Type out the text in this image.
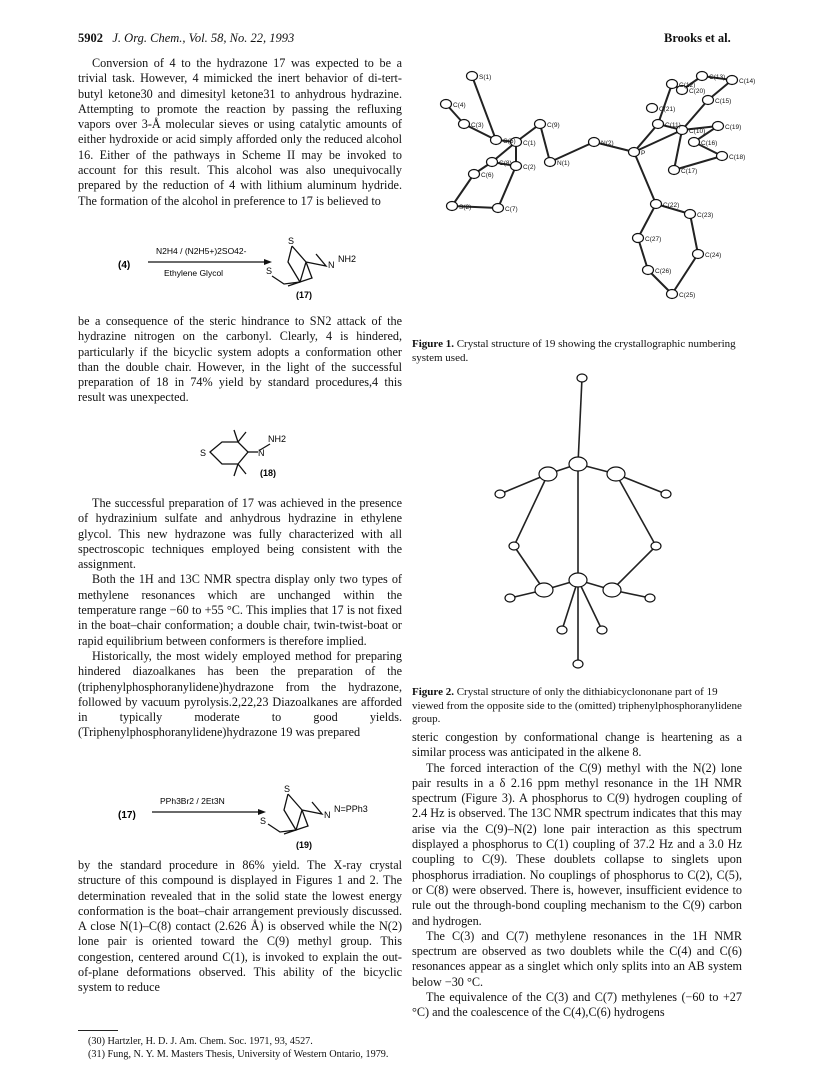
5902 J. Org. Chem., Vol. 58, No. 22, 1993	Brooks et al.

Conversion of 4 to the hydrazone 17 was expected to be a trivial task. However, 4 mimicked the inert behavior of di-tert-butyl ketone30 and dimesityl ketone31 to anhydrous hydrazine. Attempting to promote the reaction by passing the refluxing vapors over 3-Å molecular sieves or using catalytic amounts of either hydroxide or acid simply afforded only the reduced alcohol 16. Either of the pathways in Scheme II may be invoked to account for this result. This alcohol was also unequivocally prepared by the reduction of 4 with lithium aluminum hydride. The formation of the alcohol in preference to 17 is believed to

(4)
N2H4 / (N2H5+)2SO42-
Ethylene Glycol
S
S
N
NH2
(17)

be a consequence of the steric hindrance to SN2 attack of the hydrazine nitrogen on the carbonyl. Clearly, 4 is hindered, particularly if the bicyclic system adopts a conformation other than the double chair. However, in the light of the successful preparation of 18 in 74% yield by standard procedures,4 this result was unexpected.

S	N
NH2
(18)

The successful preparation of 17 was achieved in the presence of hydrazinium sulfate and anhydrous hydrazine in ethylene glycol. This new hydrazone was fully characterized with all spectroscopic techniques employed being consistent with the assignment.

Both the 1H and 13C NMR spectra display only two types of methylene resonances which are unchanged within the temperature range −60 to +55 °C. This implies that 17 is not fixed in the boat–chair conformation; a double chair, twin-twist-boat or rapid equilibrium between conformers is therefore implied.

Historically, the most widely employed method for preparing hindered diazoalkanes has been the preparation of the (triphenylphosphoranylidene)hydrazone from the hydrazone, followed by vacuum pyrolysis.2,22,23 Diazoalkanes are afforded in typically moderate to good yields. (Triphenylphosphoranylidene)hydrazone 19 was prepared

(17)
PPh3Br2 / 2Et3N
S
S
N
N=PPh3
(19)

by the standard procedure in 86% yield. The X-ray crystal structure of this compound is displayed in Figures 1 and 2. The determination revealed that in the solid state the lowest energy conformation is the boat–chair arrangement previously discussed. A close N(1)–C(8) contact (2.626 Å) is observed while the N(2) lone pair is oriented toward the C(9) methyl group. This congestion, centered around C(1), is invoked to explain the out-of-plane deformations observed. This ability of the bicyclic system to reduce

(30) Hartzler, H. D. J. Am. Chem. Soc. 1971, 93, 4527.
(31) Fung, N. Y. M. Masters Thesis, University of Western Ontario, 1979.
S(1)
C(4)
C(3)
C(5) C(1)
C(9)
N(2)
C(8)	N(1)
C(6)
C(2)
S(2)	C(7)
P
C(13)
C(14)
C(12)
C(20)
C(15)
C(21)
C(11)
C(10)
C(19)
C(16)
C(18)
C(17)
C(22)
C(23)
C(27)
C(24)
C(26)
C(25)
Figure 1. Crystal structure of 19 showing the crystallographic numbering system used.
Figure 2. Crystal structure of only the dithiabicyclononane part of 19 viewed from the opposite side to the (omitted) triphenylphosphoranylidene group.

steric congestion by conformational change is heartening as a similar process was anticipated in the alkene 8.

The forced interaction of the C(9) methyl with the N(2) lone pair results in a δ 2.16 ppm methyl resonance in the 1H NMR spectrum (Figure 3). A phosphorus to C(9) hydrogen coupling of 2.4 Hz is observed. The 13C NMR spectrum indicates that this may arise via the C(9)–N(2) lone pair interaction as this spectrum displayed a phosphorus to C(1) coupling of 37.2 Hz and a 3.0 Hz coupling to C(9). These doublets collapse to singlets upon phosphorus irradiation. No couplings of phosphorus to C(2), C(5), or C(8) were observed. There is, however, insufficient evidence to rule out the through-bond coupling mechanism to the C(9) carbon and hydrogen.

The C(3) and C(7) methylene resonances in the 1H NMR spectrum are observed as two doublets while the C(4) and C(6) resonances appear as a singlet which only splits into an AB system below −30 °C.

The equivalence of the C(3) and C(7) methylenes (−60 to +27 °C) and the coalescence of the C(4),C(6) hydrogens
